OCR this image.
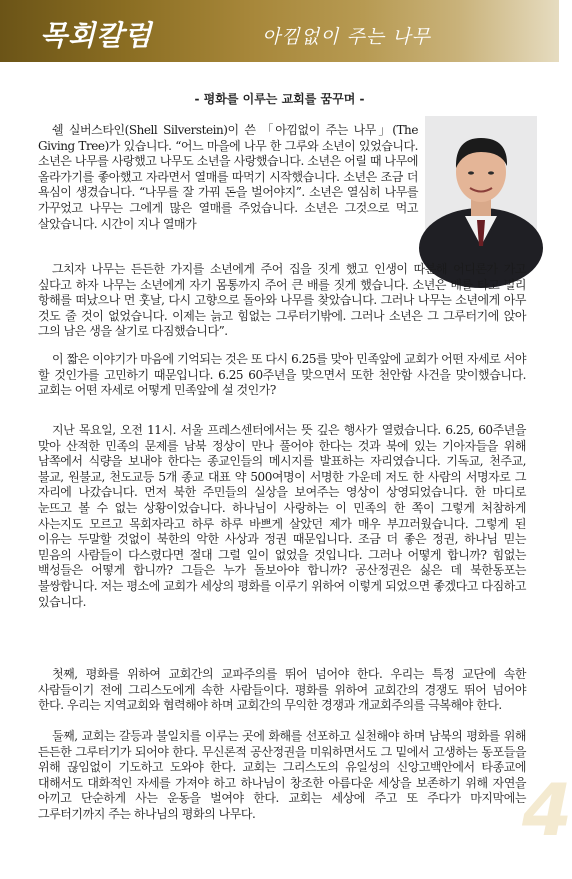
목회칼럼	아낌없이 주는 나무
- 평화를 이루는 교회를 꿈꾸며 -

쉘 실버스타인(Shell Silverstein)이 쓴 「아낌없이 주는 나무」(The Giving Tree)가 있습니다. “어느 마을에 나무 한 그루와 소년이 있었습니다. 소년은 나무를 사랑했고 나무도 소년을 사랑했습니다. 소년은 어릴 때 나무에 올라가기를 좋아했고 자라면서 열매를 따먹기 시작했습니다. 소년은 조금 더 욕심이 생겼습니다. “나무를 잘 가꿔 돈을 벌어야지”. 소년은 열심히 나무를 가꾸었고 나무는 그에게 많은 열매를 주었습니다. 소년은 그것으로 먹고 살았습니다. 시간이 지나 열매가

그치자 나무는 든든한 가지를 소년에게 주어 집을 짓게 했고 인생이 따분해 어디론가 가고 싶다고 하자 나무는 소년에게 자기 몸통까지 주어 큰 배를 짓게 했습니다. 소년은 배를 타고 멀리 항해를 떠났으나 먼 훗날, 다시 고향으로 돌아와 나무를 찾았습니다. 그러나 나무는 소년에게 아무 것도 줄 것이 없었습니다. 이제는 늙고 힘없는 그루터기밖에. 그러나 소년은 그 그루터기에 앉아 그의 남은 생을 살기로 다짐했습니다”.

이 짧은 이야기가 마음에 기억되는 것은 또 다시 6.25를 맞아 민족앞에 교회가 어떤 자세로 서야 할 것인가를 고민하기 때문입니다. 6.25 60주년을 맞으면서 또한 천안함 사건을 맞이했습니다. 교회는 어떤 자세로 어떻게 민족앞에 설 것인가?

지난 목요일, 오전 11시. 서울 프레스센터에서는 뜻 깊은 행사가 열렸습니다. 6.25, 60주년을 맞아 산적한 민족의 문제를 남북 정상이 만나 풀어야 한다는 것과 북에 있는 기아자들을 위해 남쪽에서 식량을 보내야 한다는 종교인들의 메시지를 발표하는 자리였습니다. 기독교, 천주교, 불교, 원불교, 천도교등 5개 종교 대표 약 500여명이 서명한 가운데 저도 한 사람의 서명자로 그 자리에 나갔습니다. 먼저 북한 주민들의 실상을 보여주는 영상이 상영되었습니다. 한 마디로 눈뜨고 볼 수 없는 상황이었습니다. 하나님이 사랑하는 이 민족의 한 쪽이 그렇게 처참하게 사는지도 모르고 목회자라고 하루 하루 바쁘게 살았던 제가 매우 부끄러웠습니다. 그렇게 된 이유는 두말할 것없이 북한의 악한 사상과 정권 때문입니다. 조금 더 좋은 정권, 하나님 믿는 믿음의 사람들이 다스렸다면 절대 그럴 일이 없었을 것입니다. 그러나 어떻게 합니까? 힘없는 백성들은 어떻게 합니까? 그들은 누가 돌보아야 합니까? 공산정권은 싫은 데 북한동포는 불쌍합니다. 저는 평소에 교회가 세상의 평화를 이루기 위하여 이렇게 되었으면 좋겠다고 다짐하고 있습니다.

첫째, 평화를 위하여 교회간의 교파주의를 뛰어 넘어야 한다. 우리는 특정 교단에 속한 사람들이기 전에 그리스도에게 속한 사람들이다. 평화를 위하여 교회간의 경쟁도 뛰어 넘어야 한다. 우리는 지역교회와 협력해야 하며 교회간의 무익한 경쟁과 개교회주의를 극복해야 한다.

둘째, 교회는 갈등과 불일치를 이루는 곳에 화해를 선포하고 실천해야 하며 남북의 평화를 위해 든든한 그루터기가 되어야 한다. 무신론적 공산정권을 미워하면서도 그 밑에서 고생하는 동포들을 위해 끊임없이 기도하고 도와야 한다. 교회는 그리스도의 유일성의 신앙고백안에서 타종교에 대해서도 대화적인 자세를 가져야 하고 하나님이 창조한 아름다운 세상을 보존하기 위해 자연을 아끼고 단순하게 사는 운동을 벌여야 한다. 교회는 세상에 주고 또 주다가 마지막에는 그루터기까지 주는 하나님의 평화의 나무다.	4
